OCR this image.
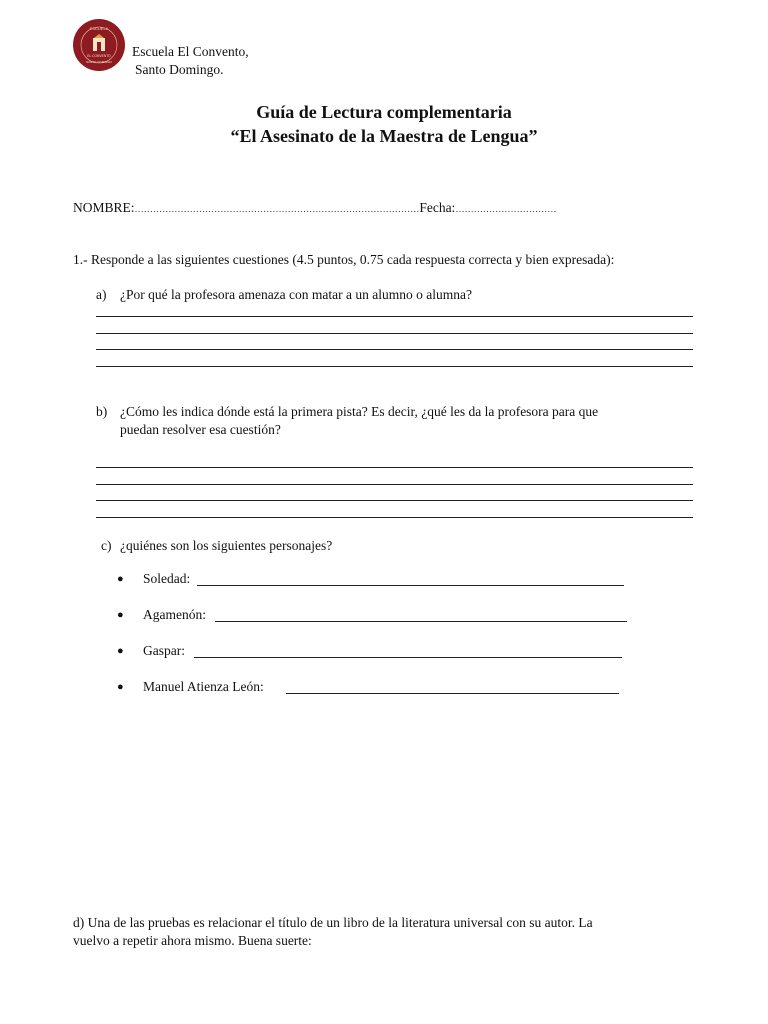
ESCUELA
EL CONVENTO
SANTO DOMINGO
Escuela El Convento,
Santo Domingo.
Guía de Lectura complementaria
“El Asesinato de la Maestra de Lengua”
NOMBRE:…………………………………………………………………………………Fecha:……………………………
1.- Responde a las siguientes cuestiones (4.5 puntos, 0.75 cada respuesta correcta y bien expresada):
a) ¿Por qué la profesora amenaza con matar a un alumno o alumna?
b) ¿Cómo les indica dónde está la primera pista? Es decir, ¿qué les da la profesora para que
puedan resolver esa cuestión?
c) ¿quiénes son los siguientes personajes?
● Soledad:
● Agamenón:
● Gaspar:
● Manuel Atienza León:
d) Una de las pruebas es relacionar el título de un libro de la literatura universal con su autor. La
vuelvo a repetir ahora mismo. Buena suerte:
